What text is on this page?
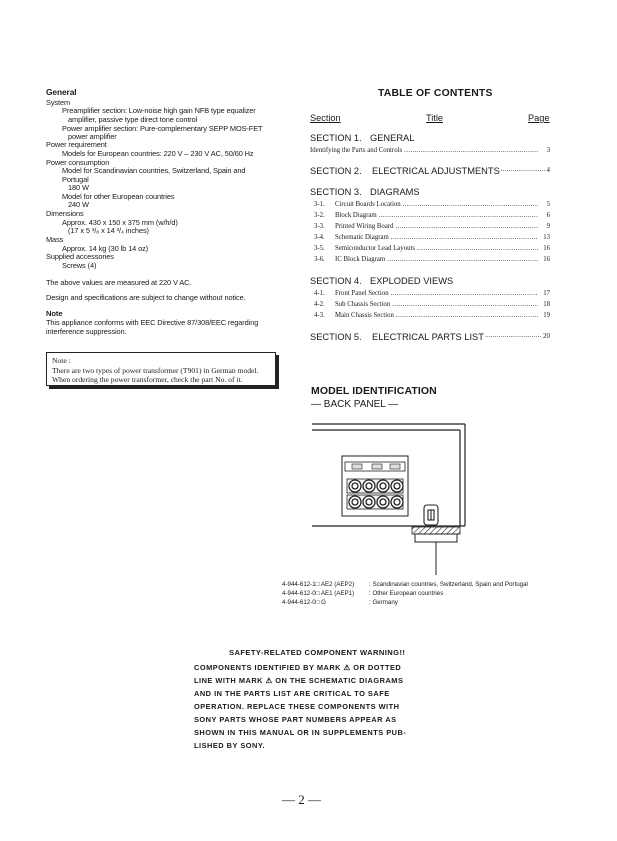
General
System
Preamplifier section: Low-noise high gain NFB type equalizer
amplifier, passive type direct tone control
Power amplifier section: Pure-complementary SEPP MOS-FET
power amplifier
Power requirement
Models for European countries: 220 V – 230 V AC, 50/60 Hz
Power consumption
Model for Scandinavian countries, Switzerland, Spain and
Portugal
180 W
Model for other European countries
240 W
Dimensions
Approx. 430 x 150 x 375 mm (w/h/d)
(17 x 5 ³/₈ x 14 ³/₄ inches)
Mass
Approx. 14 kg (30 lb 14 oz)
Supplied accessories
Screws (4)
The above values are measured at 220 V AC.
Design and specifications are subject to change without notice.
Note
This appliance conforms with EEC Directive 87/308/EEC regarding
interference suppression.
Note :
There are two types of power transformer (T901) in German model.
When ordering the power transformer, check the part No. of it.
TABLE OF CONTENTS
Section	Title	Page
SECTION 1. GENERAL
Identifying the Parts and Controls .....	3
SECTION 2.	ELECTRICAL ADJUSTMENTS .....	4
SECTION 3. DIAGRAMS
3-1.	Circuit Boards Location .....	5
3-2.	Block Diagram .....	6
3-3.	Printed Wiring Board .....	9
3-4.	Schematic Diagram .....	13
3-5.	Semiconductor Lead Layouts .....	16
3-6.	IC Block Diagram .....	16
SECTION 4. EXPLODED VIEWS
4-1.	Front Panel Section .....	17
4-2.	Sub Chassis Section .....	18
4-3.	Main Chassis Section .....	19
SECTION 5.	ELECTRICAL PARTS LIST .....	20
MODEL IDENTIFICATION
— BACK PANEL —
4-944-612-1□ AE2 (AEP2) : Scandinavian countries, Switzerland, Spain and Portugal
4-944-612-0□ AE1 (AEP1) : Other European countries
4-944-612-0□ G	: Germany
SAFETY-RELATED COMPONENT WARNING!!
COMPONENTS IDENTIFIED BY MARK ⚠ OR DOTTED
LINE WITH MARK ⚠ ON THE SCHEMATIC DIAGRAMS
AND IN THE PARTS LIST ARE CRITICAL TO SAFE
OPERATION. REPLACE THESE COMPONENTS WITH
SONY PARTS WHOSE PART NUMBERS APPEAR AS
SHOWN IN THIS MANUAL OR IN SUPPLEMENTS PUB-
LISHED BY SONY.
— 2 —
